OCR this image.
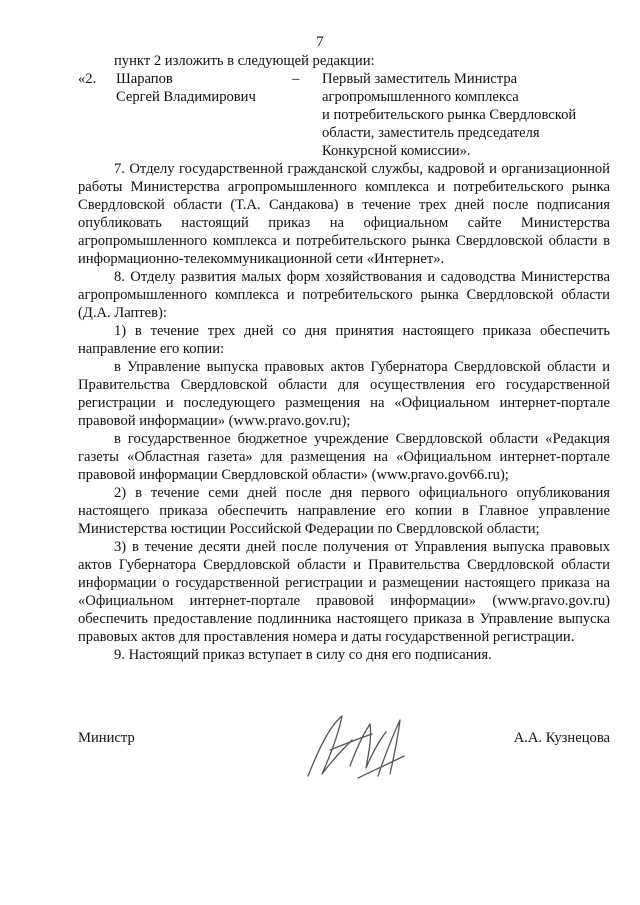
7

пункт 2 изложить в следующей редакции:

«2.	Шарапов
Сергей Владимирович
–	Первый заместитель Министра
агропромышленного комплекса
и потребительского рынка Свердловской
области, заместитель председателя
Конкурсной комиссии».

7. Отделу государственной гражданской службы, кадровой и организационной работы Министерства агропромышленного комплекса и потребительского рынка Свердловской области (Т.А. Сандакова) в течение трех дней после подписания опубликовать настоящий приказ на официальном сайте Министерства агропромышленного комплекса и потребительского рынка Свердловской области в информационно-телекоммуникационной сети «Интернет».

8. Отделу развития малых форм хозяйствования и садоводства Министерства агропромышленного комплекса и потребительского рынка Свердловской области (Д.А. Лаптев):

1) в течение трех дней со дня принятия настоящего приказа обеспечить направление его копии:

в Управление выпуска правовых актов Губернатора Свердловской области и Правительства Свердловской области для осуществления его государственной регистрации и последующего размещения на «Официальном интернет-портале правовой информации» (www.pravo.gov.ru);

в государственное бюджетное учреждение Свердловской области «Редакция газеты «Областная газета» для размещения на «Официальном интернет-портале правовой информации Свердловской области» (www.pravo.gov66.ru);

2) в течение семи дней после дня первого официального опубликования настоящего приказа обеспечить направление его копии в Главное управление Министерства юстиции Российской Федерации по Свердловской области;

3) в течение десяти дней после получения от Управления выпуска правовых актов Губернатора Свердловской области и Правительства Свердловской области информации о государственной регистрации и размещении настоящего приказа на «Официальном интернет-портале правовой информации» (www.pravo.gov.ru) обеспечить предоставление подлинника настоящего приказа в Управление выпуска правовых актов для проставления номера и даты государственной регистрации.

9. Настоящий приказ вступает в силу со дня его подписания.

Министр	А.А. Кузнецова
